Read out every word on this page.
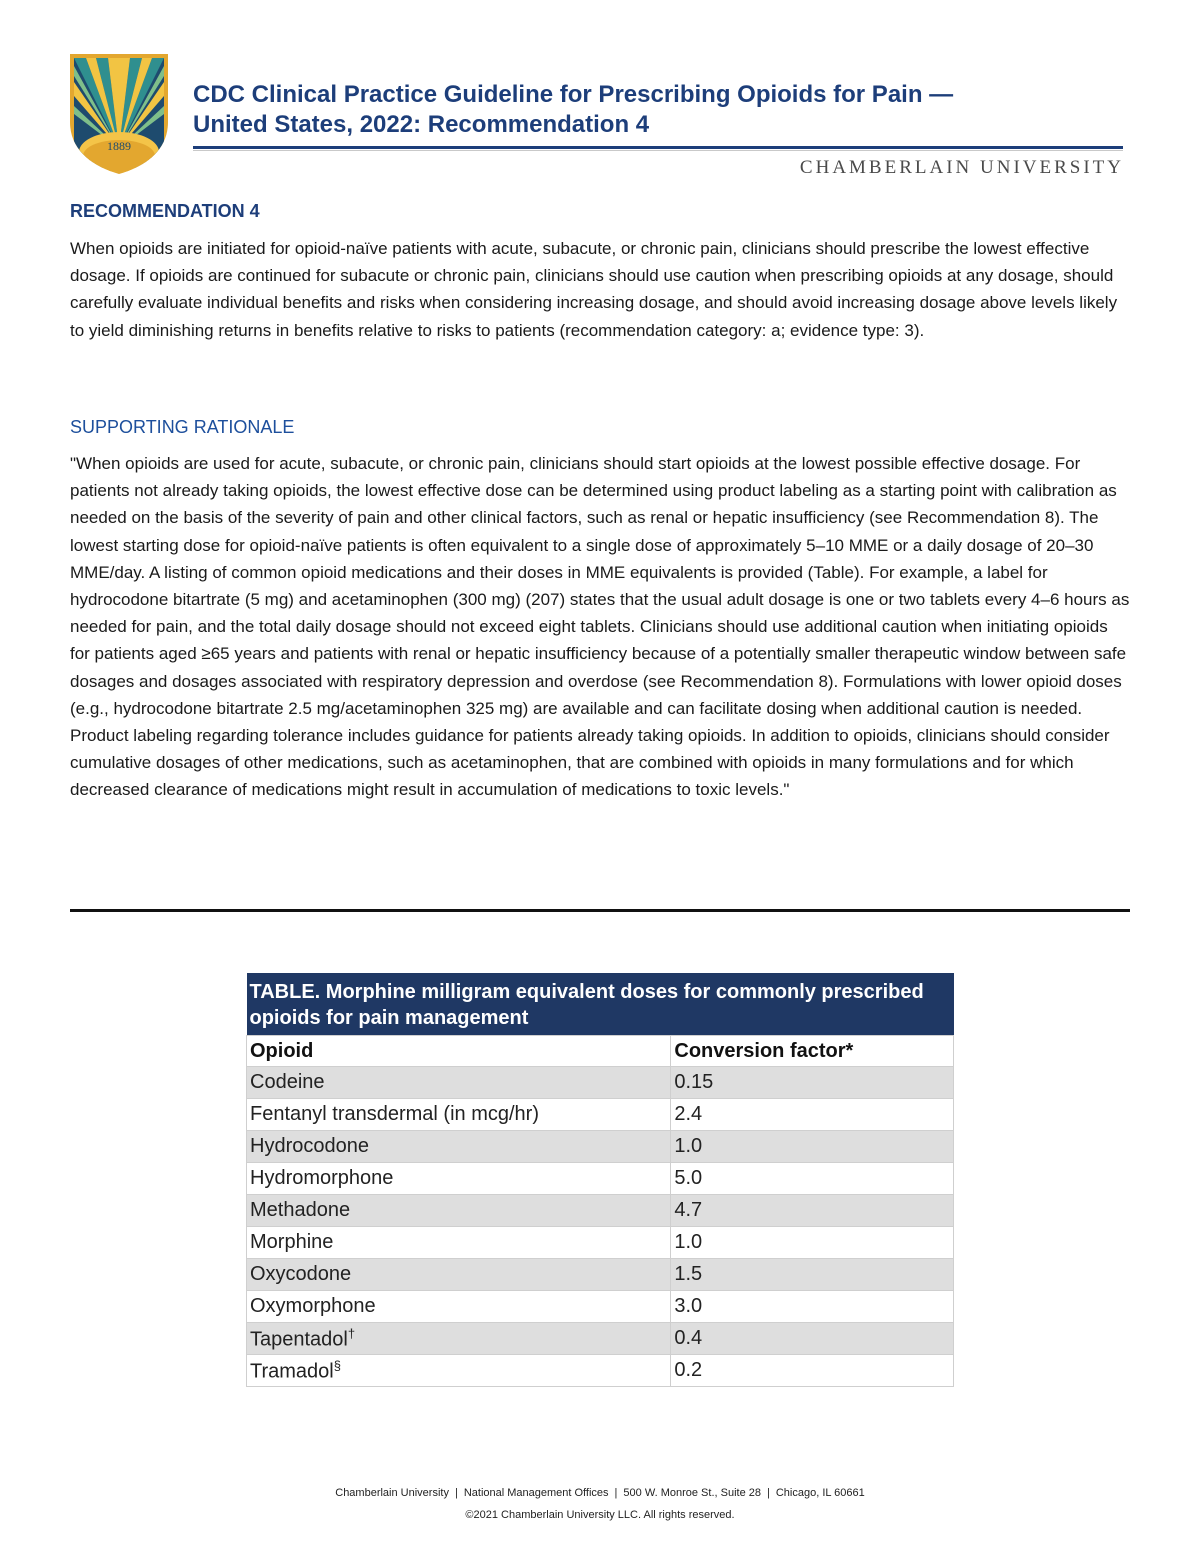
1889
CDC Clinical Practice Guideline for Prescribing Opioids for Pain —
United States, 2022: Recommendation 4
CHAMBERLAIN UNIVERSITY
RECOMMENDATION 4

When opioids are initiated for opioid-naïve patients with acute, subacute, or chronic pain, clinicians should prescribe the lowest effective dosage. If opioids are continued for subacute or chronic pain, clinicians should use caution when prescribing opioids at any dosage, should carefully evaluate individual benefits and risks when considering increasing dosage, and should avoid increasing dosage above levels likely to yield diminishing returns in benefits relative to risks to patients (recommendation category: a; evidence type: 3).

SUPPORTING RATIONALE

"When opioids are used for acute, subacute, or chronic pain, clinicians should start opioids at the lowest possible effective dosage. For patients not already taking opioids, the lowest effective dose can be determined using product labeling as a starting point with calibration as needed on the basis of the severity of pain and other clinical factors, such as renal or hepatic insufficiency (see Recommendation 8). The lowest starting dose for opioid-naïve patients is often equivalent to a single dose of approximately 5–10 MME or a daily dosage of 20–30 MME/day. A listing of common opioid medications and their doses in MME equivalents is provided (Table). For example, a label for hydrocodone bitartrate (5 mg) and acetaminophen (300 mg) (207) states that the usual adult dosage is one or two tablets every 4–6 hours as needed for pain, and the total daily dosage should not exceed eight tablets. Clinicians should use additional caution when initiating opioids for patients aged ≥65 years and patients with renal or hepatic insufficiency because of a potentially smaller therapeutic window between safe dosages and dosages associated with respiratory depression and overdose (see Recommendation 8). Formulations with lower opioid doses (e.g., hydrocodone bitartrate 2.5 mg/acetaminophen 325 mg) are available and can facilitate dosing when additional caution is needed. Product labeling regarding tolerance includes guidance for patients already taking opioids. In addition to opioids, clinicians should consider cumulative dosages of other medications, such as acetaminophen, that are combined with opioids in many formulations and for which decreased clearance of medications might result in accumulation of medications to toxic levels."

TABLE. Morphine milligram equivalent doses for commonly prescribed opioids for pain management	
Opioid	Conversion factor*
Codeine	0.15
Fentanyl transdermal (in mcg/hr)	2.4
Hydrocodone	1.0
Hydromorphone	5.0
Methadone	4.7
Morphine	1.0
Oxycodone	1.5
Oxymorphone	3.0
Tapentadol†	0.4
Tramadol§	0.2
Chamberlain University | National Management Offices | 500 W. Monroe St., Suite 28 | Chicago, IL 60661
©2021 Chamberlain University LLC. All rights reserved.
